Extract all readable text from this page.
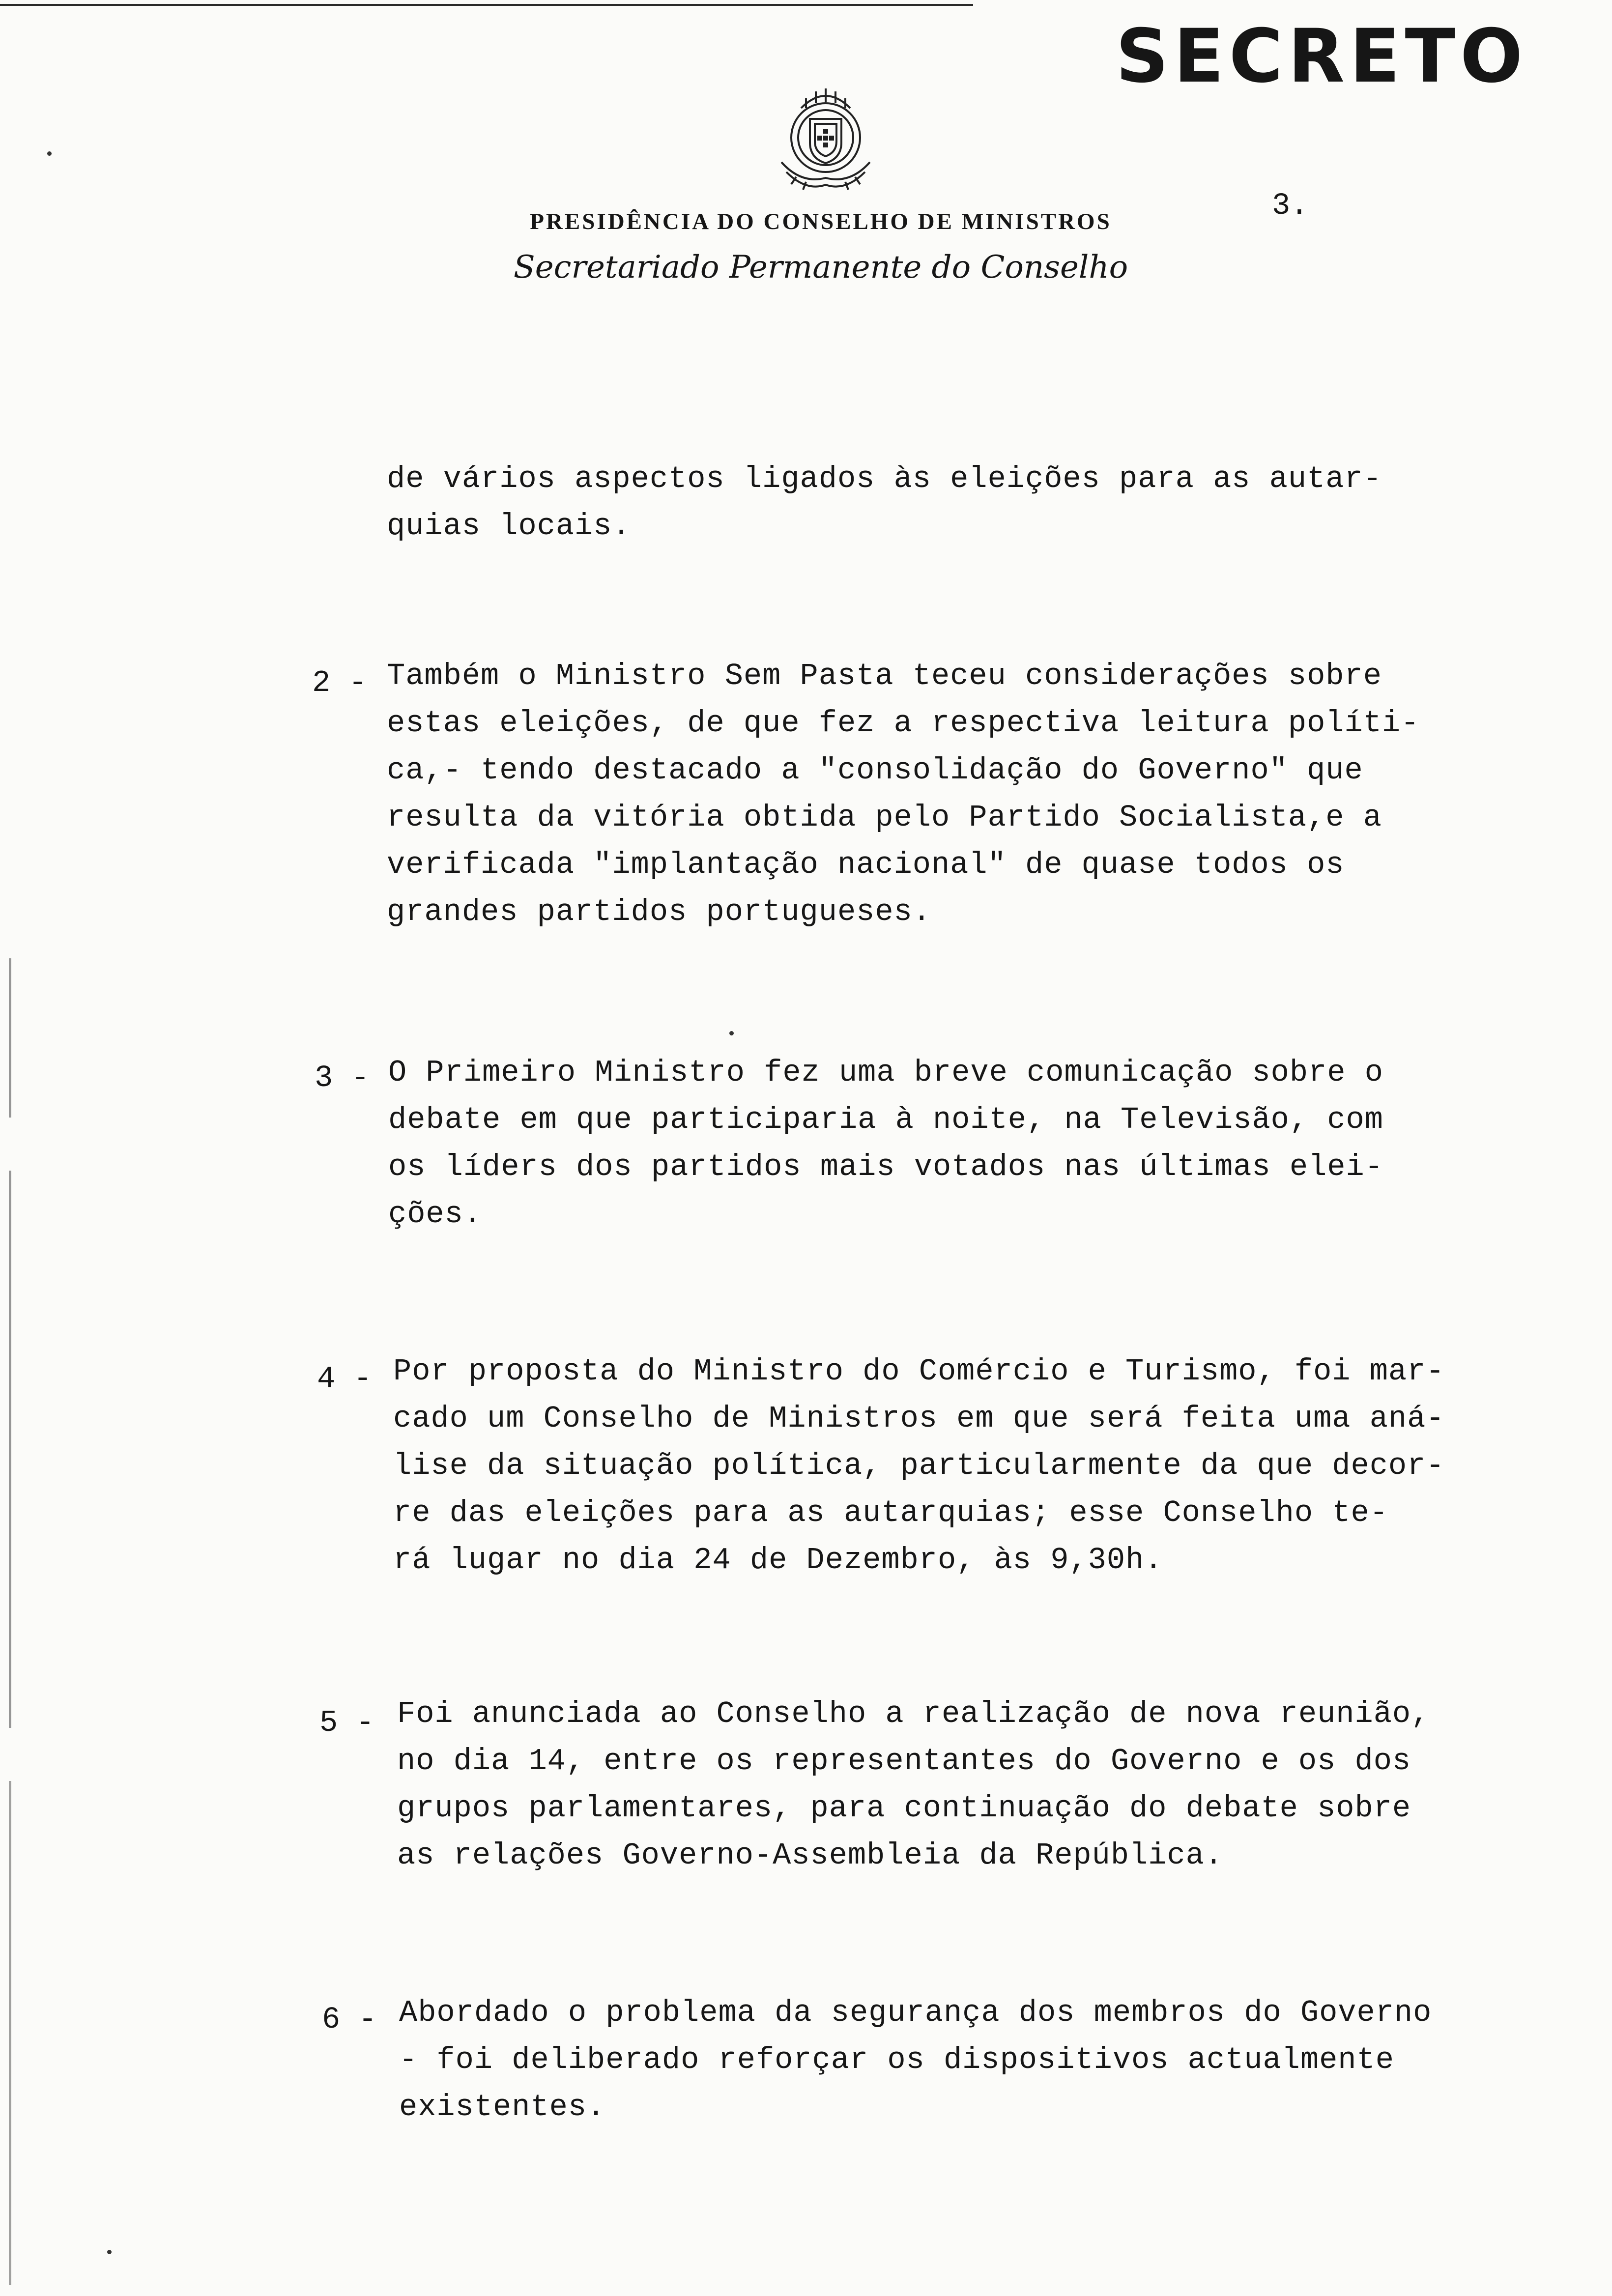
SECRETO
3.
PRESIDÊNCIA DO CONSELHO DE MINISTROS
Secretariado Permanente do Conselho

de vários aspectos ligados às eleições para as autar-
quias locais.

2 - Também o Ministro Sem Pasta teceu considerações sobre
estas eleições, de que fez a respectiva leitura políti-
ca,- tendo destacado a "consolidação do Governo" que
resulta da vitória obtida pelo Partido Socialista,e a
verificada "implantação nacional" de quase todos os
grandes partidos portugueses.

3 - O Primeiro Ministro fez uma breve comunicação sobre o
debate em que participaria à noite, na Televisão, com
os líders dos partidos mais votados nas últimas elei-
ções.

4 - Por proposta do Ministro do Comércio e Turismo, foi mar-
cado um Conselho de Ministros em que será feita uma aná-
lise da situação política, particularmente da que decor-
re das eleições para as autarquias; esse Conselho te-
rá lugar no dia 24 de Dezembro, às 9,30h.

5 - Foi anunciada ao Conselho a realização de nova reunião,
no dia 14, entre os representantes do Governo e os dos
grupos parlamentares, para continuação do debate sobre
as relações Governo-Assembleia da República.

6 - Abordado o problema da segurança dos membros do Governo
- foi deliberado reforçar os dispositivos actualmente
existentes.
